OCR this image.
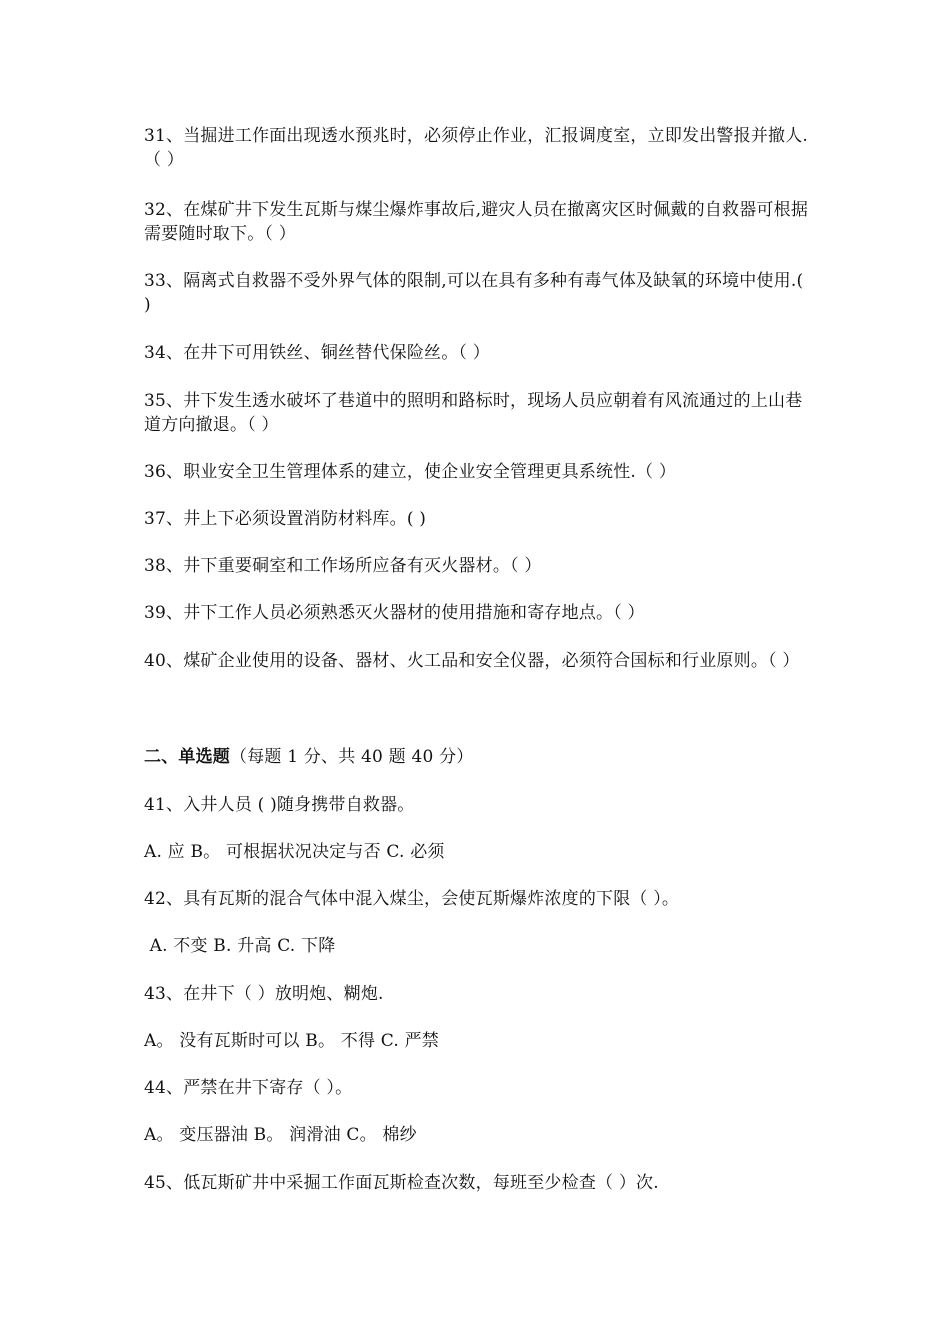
31、当掘进工作面出现透水预兆时，必须停止作业，汇报调度室，立即发出警报并撤人.（ ）
32、在煤矿井下发生瓦斯与煤尘爆炸事故后,避灾人员在撤离灾区时佩戴的自救器可根据需要随时取下。（ ）
33、隔离式自救器不受外界气体的限制,可以在具有多种有毒气体及缺氧的环境中使用.( )
34、在井下可用铁丝、铜丝替代保险丝。（ ）
35、井下发生透水破坏了巷道中的照明和路标时，现场人员应朝着有风流通过的上山巷道方向撤退。（ ）
36、职业安全卫生管理体系的建立，使企业安全管理更具系统性.（ ）
37、井上下必须设置消防材料库。( )
38、井下重要硐室和工作场所应备有灭火器材。（ ）
39、井下工作人员必须熟悉灭火器材的使用措施和寄存地点。（ ）
40、煤矿企业使用的设备、器材、火工品和安全仪器，必须符合国标和行业原则。（ ）
二、单选题（每题 1 分、共 40 题 40 分）
41、入井人员 ( )随身携带自救器。
A. 应 B。 可根据状况决定与否 C. 必须
42、具有瓦斯的混合气体中混入煤尘，会使瓦斯爆炸浓度的下限（ ）。
A. 不变 B. 升高 C. 下降
43、在井下（ ）放明炮、糊炮.
A。 没有瓦斯时可以 B。 不得 C. 严禁
44、严禁在井下寄存（ ）。
A。 变压器油 B。 润滑油 C。 棉纱
45、低瓦斯矿井中采掘工作面瓦斯检查次数，每班至少检查（ ）次.
